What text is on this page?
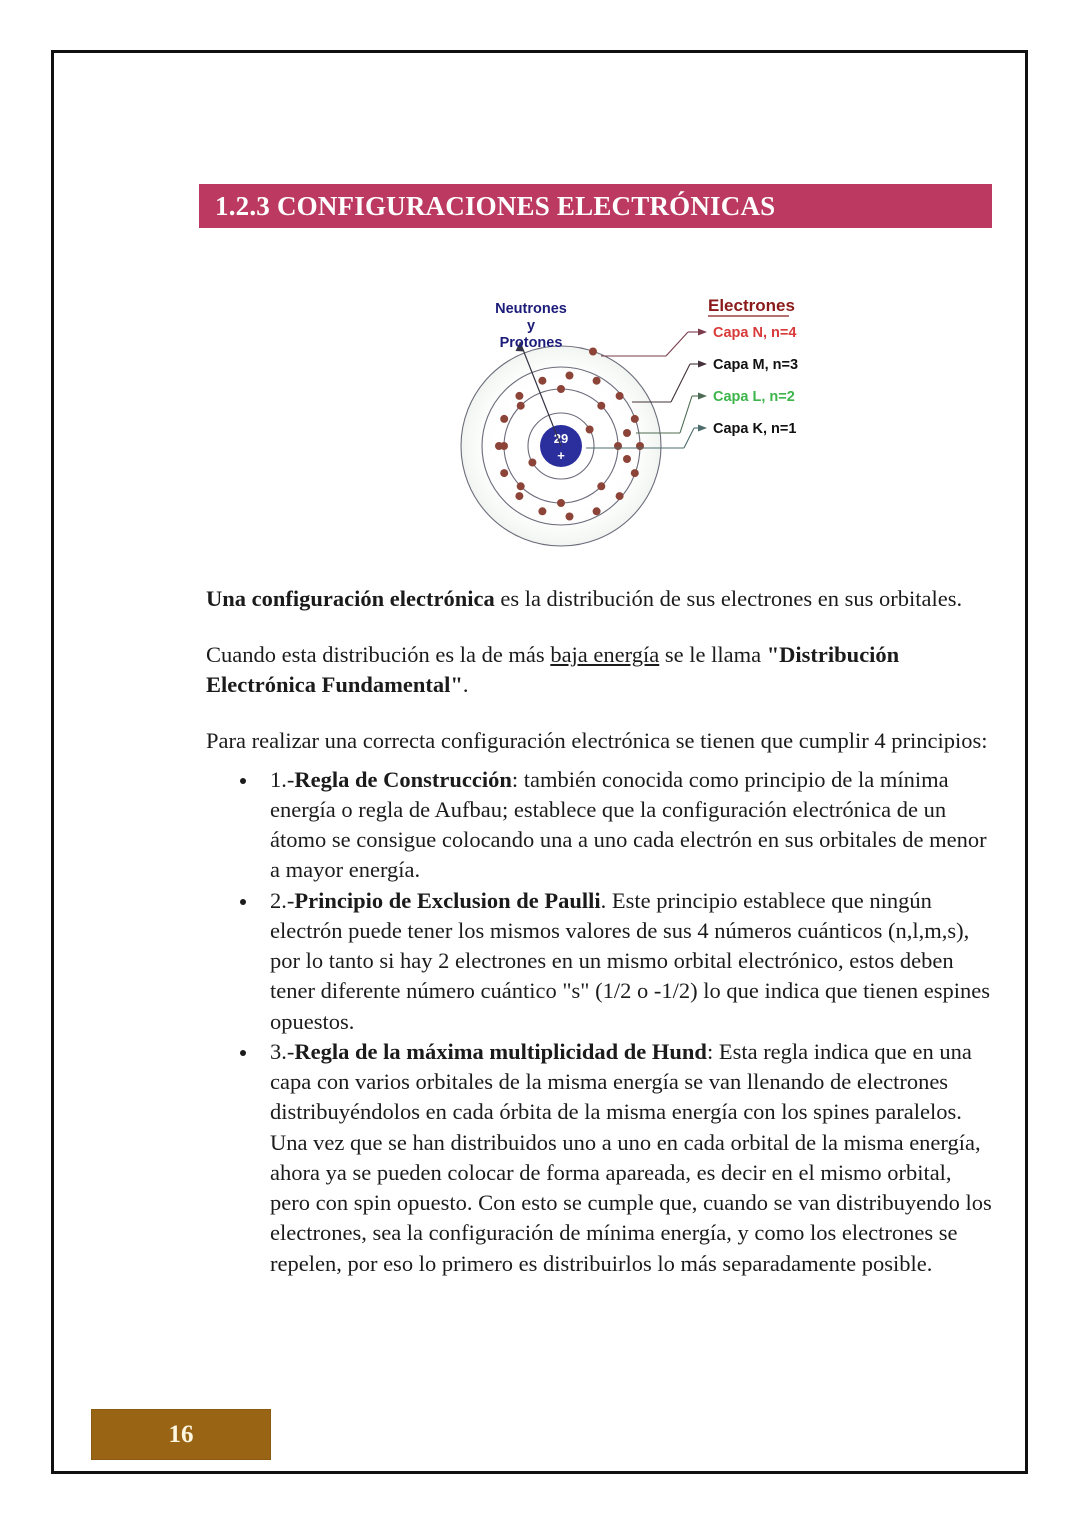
1.2.3 CONFIGURACIONES ELECTRÓNICAS
29
+
Neutrones
y
Protones
Electrones
Capa N, n=4
Capa M, n=3
Capa L, n=2
Capa K, n=1

Una configuración electrónica es la distribución de sus electrones en sus orbitales.

Cuando esta distribución es la de más baja energía se le llama "Distribución Electrónica Fundamental".

Para realizar una correcta configuración electrónica se tienen que cumplir 4 principios:

1.-Regla de Construcción: también conocida como principio de la mínima energía o regla de Aufbau; establece que la configuración electrónica de un átomo se consigue colocando una a uno cada electrón en sus orbitales de menor a mayor energía.
2.-Principio de Exclusion de Paulli. Este principio establece que ningún electrón puede tener los mismos valores de sus 4 números cuánticos (n,l,m,s), por lo tanto si hay 2 electrones en un mismo orbital electrónico, estos deben tener diferente número cuántico "s" (1/2 o -1/2) lo que indica que tienen espines opuestos.
3.-Regla de la máxima multiplicidad de Hund: Esta regla indica que en una capa con varios orbitales de la misma energía se van llenando de electrones distribuyéndolos en cada órbita de la misma energía con los spines paralelos. Una vez que se han distribuidos uno a uno en cada orbital de la misma energía, ahora ya se pueden colocar de forma apareada, es decir en el mismo orbital, pero con spin opuesto. Con esto se cumple que, cuando se van distribuyendo los electrones, sea la configuración de mínima energía, y como los electrones se repelen, por eso lo primero es distribuirlos lo más separadamente posible.
16
